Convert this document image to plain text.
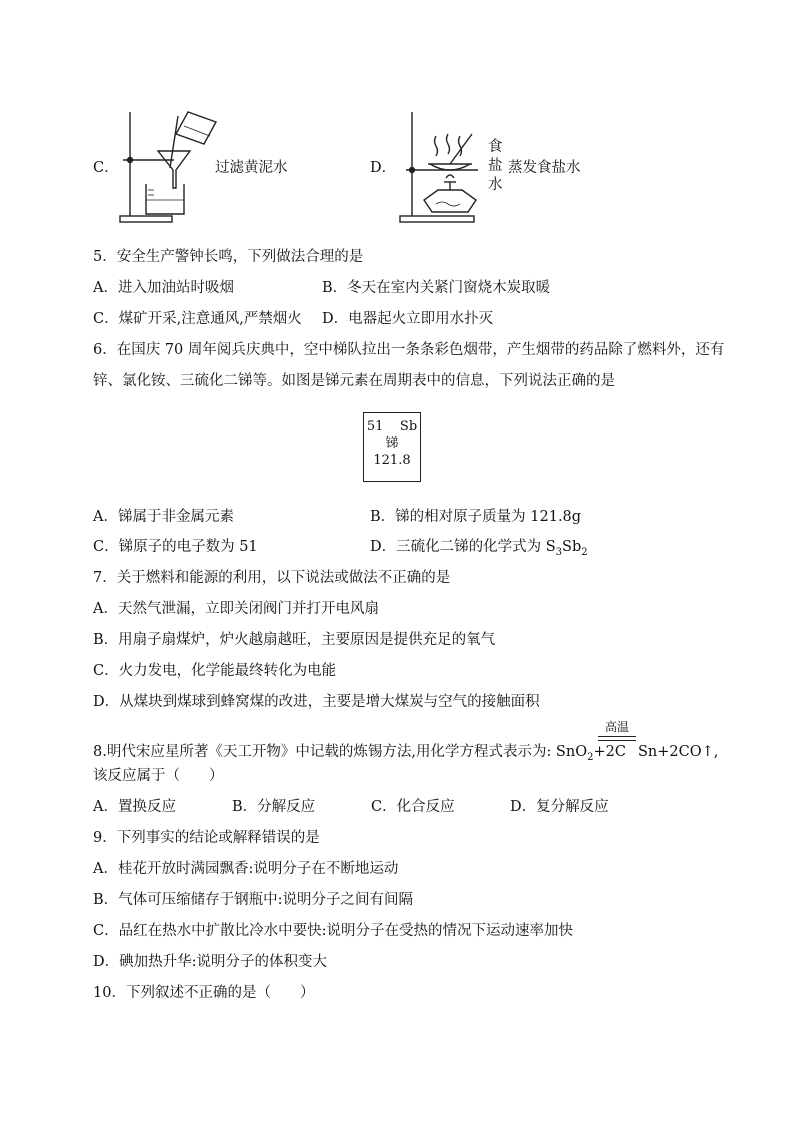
C．	过滤黄泥水	D．
食
盐
水
蒸发食盐水
5．安全生产警钟长鸣，下列做法合理的是
A．进入加油站时吸烟	B．冬天在室内关紧门窗烧木炭取暖
C．煤矿开采,注意通风,严禁烟火 D．电器起火立即用水扑灭
6．在国庆 70 周年阅兵庆典中，空中梯队拉出一条条彩色烟带，产生烟带的药品除了燃料外，还有
锌、氯化铵、三硫化二锑等。如图是锑元素在周期表中的信息，下列说法正确的是
51 Sb
锑
121.8
A．锑属于非金属元素	B．锑的相对原子质量为 121.8g
C．锑原子的电子数为 51	D．三硫化二锑的化学式为 $S_3Sb_2$
7．关于燃料和能源的利用，以下说法或做法不正确的是
A．天然气泄漏，立即关闭阀门并打开电风扇
B．用扇子扇煤炉，炉火越扇越旺，主要原因是提供充足的氧气
C．火力发电，化学能最终转化为电能
D．从煤块到煤球到蜂窝煤的改进，主要是增大煤炭与空气的接触面积
高温
8.明代宋应星所著《天工开物》中记载的炼锡方法,用化学方程式表示为: SnO$_2$+2C Sn+2CO↑,
该反应属于（　　）
A．置换反应	B．分解反应	C．化合反应	D．复分解反应
9．下列事实的结论或解释错误的是
A．桂花开放时满园飘香:说明分子在不断地运动
B．气体可压缩储存于钢瓶中:说明分子之间有间隔
C．品红在热水中扩散比冷水中要快:说明分子在受热的情况下运动速率加快
D．碘加热升华:说明分子的体积变大
10．下列叙述不正确的是（　　）
